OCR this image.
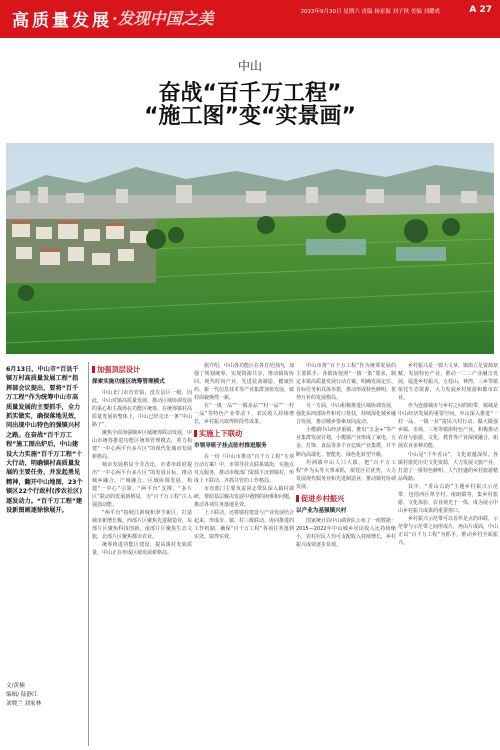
高质量发展 ·发现中国之美	2023年9月30日 星期六 责编 杨家振 刘子秋 美编 刘耀成	A 27
中山
奋战“百千万工程”
“施工图”变“实景画”
6月13日，中山市“百县千镇万村高质量发展工程”指挥部会议提出，要将“百千万工程”作为统筹中山市高质量发展的主要抓手，全力抓实做实，确保落地见效，同出现中山特色的强镇兴村之路。在奋战“百千万工程”施工图出炉后，中山建设大力实施“百千万工程”十大行动，明确镇村高质量发展的主要任务，并发起勇见精神，翻开中山地图，23个镇区22个行政村(涉农社区)逐发动力。“百千万工程”建设新图画逐徐徐展开。
文/黄楠
编辑/ 陆静江
刘晓兰 刘家林
加强顶层设计
探索实施功能区统筹管理模式

中山北门市直管镇，没有县区一级，因此，中山对镇高质量发展，推动区域协调发展的重心和主战场在功能区统筹。在统筹镇村高质量发展的整体上，中山已经走出一条“中山路子”。

聚焦全面加强城乡区域统筹联动发展，中山市统筹推进功能区统筹管理模式，着力构建“一中心两平台多片区”的现代化城市发展新格局。

城市发展格局今非昔比。市委市政府提出“一中心两平台多片区”的发展目标，推动城乡融合、产城融合、区域协调发展，构建“一中心”引领、“两平台”支撑、“多片区”联动的发展新格局，为“百千万工程”注入强劲动能。

“两平台”指岐江新城和翠亨新区，打造城市新增长极。西部片区聚焦先进制造业，东部片区聚焦科技创新，南部片区聚焦生态文旅，北部片区聚焦都市农业。

统筹推进功能区建设，提高镇村发展质量，中山正在形成区域发展新格局。

据介绍，中山各功能区在各自范围内，加强了规划统筹，实现资源共享，推动镇街协同。现代时尚产业、先进装备制造、健康医药、新一代信息技术等产业集群加快发展，镇村面貌焕然一新。

在“一镇一品”“一镇多品”“村一品”“一村一品”等特色产业带动下，农民收入持续增长，乡村振兴取得阶段性成果。

实施上下联动
市领导班子挂点驻村推进服务

在一份《中山市推动“百千万工程”专项行动方案》中，市领导挂点联系镇街，实施点对点服务，推动市级部门资源下沉到镇村，形成上下联动、齐抓共管的工作格局。

市直部门主要负责同志带队深入镇村调研，帮助基层解决发展中遇到的困难和问题，推动各项任务落地见效。

上下联动，还将镇村建设与产业发展结合起来，形成市、镇、村三级联动、协同推进的工作机制，确保“百千万工程”各项任务落到实处、取得实效。

中山市将“百千万工程”作为统筹发展的主要抓手，各镇街按照“一镇一策”要求，制定本镇高质量发展行动方案，明确发展定位、目标任务和具体举措，推动形成特色鲜明、优势互补的发展格局。

另一方面，中山积极推进区域协调发展，强化东西部协作和对口帮扶，持续深化城乡融合发展，推动城乡要素双向流动。

小榄镇中山经济重镇，推出“五金+”等产业集群发展计划，小榄镇产业形成了家电、五金、灯饰、食品等多个百亿级产业集群，并不断向高端化、智能化、绿色化转型升级。

坦洲镇中山人口大镇，把“百千万工程”作为头等大事来抓，依托区位优势，大力发展现代服务业和先进制造业，推动镇村协调发展。

促进乡村振兴
以产业为基强镇兴村

国家统计局中山调查队公布了一组数据：2015—2022年中山城乡居民收入比持续缩小，农村居民人均可支配收入持续增长，乡村振兴成效逐步显现。

乡村振兴是一篇大文章，镇街立足资源禀赋，发展特色产业，推动一二三产业融合发展，促进乡村振兴。五桂山、神湾、三乡等镇依托生态资源，大力发展乡村旅游和都市农业。

作为连接城市与乡村之间的纽带，镇域是中山经济发展的重要空间。中山深入推进“一村一品、一镇一业”富民兴村行动，做大做强乡镇、市场、三角等镇街特色产业，积极推动农业与旅游、文化、教育等产业深度融合，拓展农业多种功能。

中山是“千年香山”，文化底蕴深厚。各镇村依托历史文化资源，大力发展文旅产业，打造了一批特色鲜明、人气旺盛的乡村旅游精品线路。

其中，“香山古韵”主题乡村振兴示范带，包括西区翠亨村、南朗镇等，集乡村旅游、文化体验、农业观光于一体，成为展示中山乡村振兴成果的重要窗口。

乡村振兴示范带可以看作是点的串联，示范带与示范带之间形成片，再由片成面，中山正以“百千万工程”为抓手，推动乡村全面振兴。
